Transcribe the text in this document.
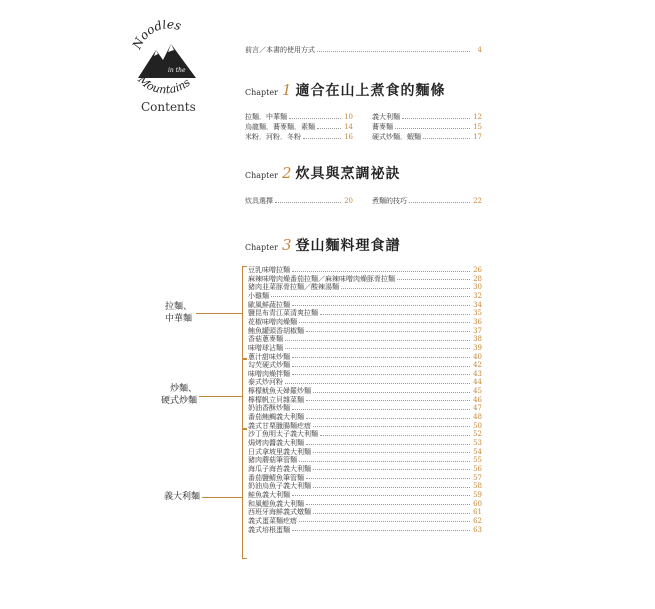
oodles
in the
Mountains
Contents
前言／本書的使用方式	4
Chapter 1 適合在山上煮食的麵條
拉麵．中華麵	10
烏龍麵．蕎麥麵．素麵	14
米粉．河粉．冬粉	16
義大利麵	12
蕎麥麵	15
硬式炒麵．蝦麵	17
Chapter 2 炊具與烹調祕訣
炊具選擇	20	煮麵的技巧	22
Chapter 3 登山麵料理食譜
拉麵、
中華麵
炒麵、
硬式炒麵
義大利麵
豆乳味噌拉麵	26
麻辣味噌肉燥番茄拉麵／麻辣味噌肉燥豚骨拉麵	28
豬肉韭菜豚骨拉麵／酸辣湯麵	30
小雞麵	32
歐風鮮蔬拉麵	34
鹽昆布青江菜清爽拉麵	35
花椒味噌肉燥麵	36
鮪魚罐頭香胡椒麵	37
香菇蔥麥麵	38
味噌球沾麵	39
蔥汁甜味炒麵	40
勾芡硬式炒麵	42
味噌肉燥拌麵	43
泰式炒河粉	44
檸檬魷魚天婦羅炒麵	45
檸檬帆立貝雜菜麵	46
奶油香酥炒麵	47
番茄鮪鯛義大利麵	48
義式甘栗臘腸麵疙瘩	50
沙丁魚明太子義大利麵	52
焗烤肉醬義大利麵	53
日式拿坡里義大利麵	54
豬肉蘑菇筆管麵	55
海瓜子海苔義大利麵	56
番茄鹽鯖魚筆管麵	57
奶油烏魚子義大利麵	58
鮭魚義大利麵	59
和風鯷魚義大利麵	60
西班牙海鮮義式燉麵	61
義式蛋菜麵疙瘩	62
義式培根蛋麵	63
